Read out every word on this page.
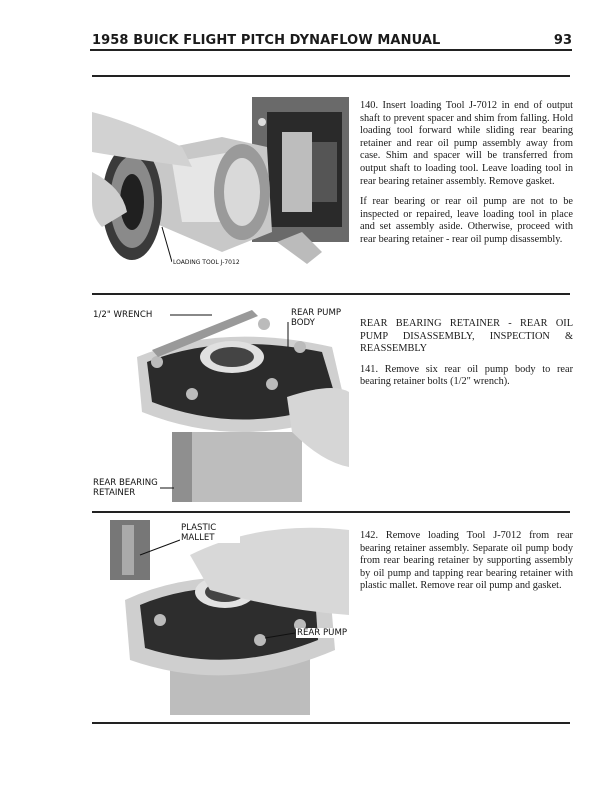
1958 BUICK FLIGHT PITCH DYNAFLOW MANUAL	93
LOADING TOOL J-7012

140. Insert loading Tool J-7012 in end of output shaft to prevent spacer and shim from falling. Hold loading tool forward while sliding rear bearing retainer and rear oil pump assembly away from case. Shim and spacer will be transferred from output shaft to loading tool. Leave loading tool in rear bearing retainer assembly. Remove gasket.

If rear bearing or rear oil pump are not to be inspected or repaired, leave loading tool in place and set assembly aside. Otherwise, proceed with rear bearing retainer - rear oil pump disassembly.

1/2" WRENCH	REAR PUMP BODY
REAR BEARING RETAINER

REAR BEARING RETAINER - REAR OIL PUMP DISASSEMBLY, INSPECTION & REASSEMBLY

141. Remove six rear oil pump body to rear bearing retainer bolts (1/2" wrench).

PLASTIC MALLET
REAR PUMP

142. Remove loading Tool J-7012 from rear bearing retainer assembly. Separate oil pump body from rear bearing retainer by supporting assembly by oil pump and tapping rear bearing retainer with plastic mallet. Remove rear oil pump and gasket.
